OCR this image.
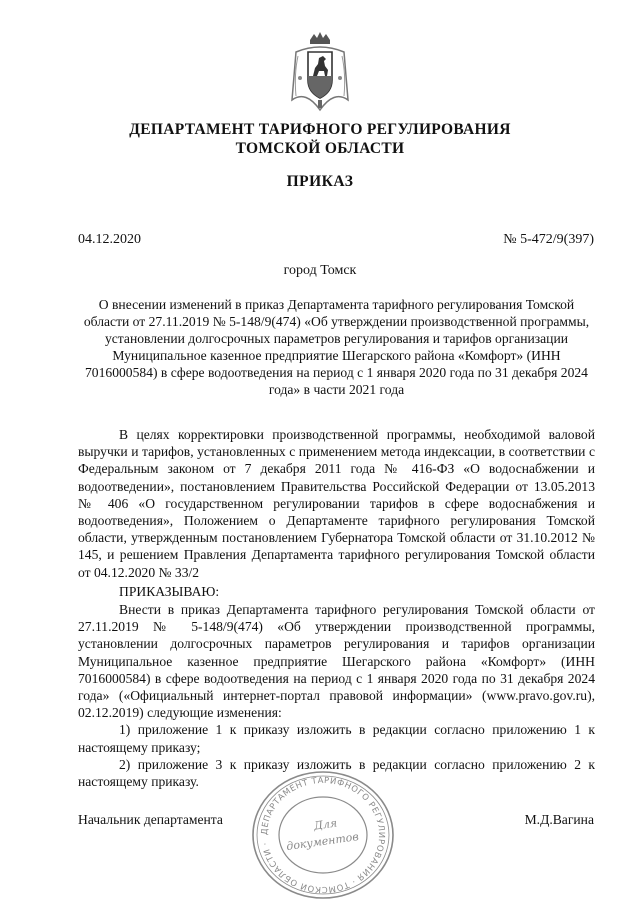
ДЕПАРТАМЕНТ ТАРИФНОГО РЕГУЛИРОВАНИЯ
ТОМСКОЙ ОБЛАСТИ
ПРИКАЗ
04.12.2020	№ 5-472/9(397)
город Томск
О внесении изменений в приказ Департамента тарифного регулирования Томской области от 27.11.2019 № 5-148/9(474) «Об утверждении производственной программы, установлении долгосрочных параметров регулирования и тарифов организации Муниципальное казенное предприятие Шегарского района «Комфорт» (ИНН 7016000584) в сфере водоотведения на период с 1 января 2020 года по 31 декабря 2024 года» в части 2021 года

В целях корректировки производственной программы, необходимой валовой выручки и тарифов, установленных с применением метода индексации, в соответствии с Федеральным законом от 7 декабря 2011 года № 416-ФЗ «О водоснабжении и водоотведении», постановлением Правительства Российской Федерации от 13.05.2013 № 406 «О государственном регулировании тарифов в сфере водоснабжения и водоотведения», Положением о Департаменте тарифного регулирования Томской области, утвержденным постановлением Губернатора Томской области от 31.10.2012 № 145, и решением Правления Департамента тарифного регулирования Томской области от 04.12.2020 № 33/2

ПРИКАЗЫВАЮ:

Внести в приказ Департамента тарифного регулирования Томской области от 27.11.2019 № 5-148/9(474) «Об утверждении производственной программы, установлении долгосрочных параметров регулирования и тарифов организации Муниципальное казенное предприятие Шегарского района «Комфорт» (ИНН 7016000584) в сфере водоотведения на период с 1 января 2020 года по 31 декабря 2024 года» («Официальный интернет-портал правовой информации» (www.pravo.gov.ru), 02.12.2019) следующие изменения:

1) приложение 1 к приказу изложить в редакции согласно приложению 1 к настоящему приказу;

2) приложение 3 к приказу изложить в редакции согласно приложению 2 к настоящему приказу.

Начальник департамента	М.Д.Вагина
ДЕПАРТАМЕНТ ТАРИФНОГО РЕГУЛИРОВАНИЯ · ТОМСКОЙ ОБЛАСТИ ·
Для
документов
